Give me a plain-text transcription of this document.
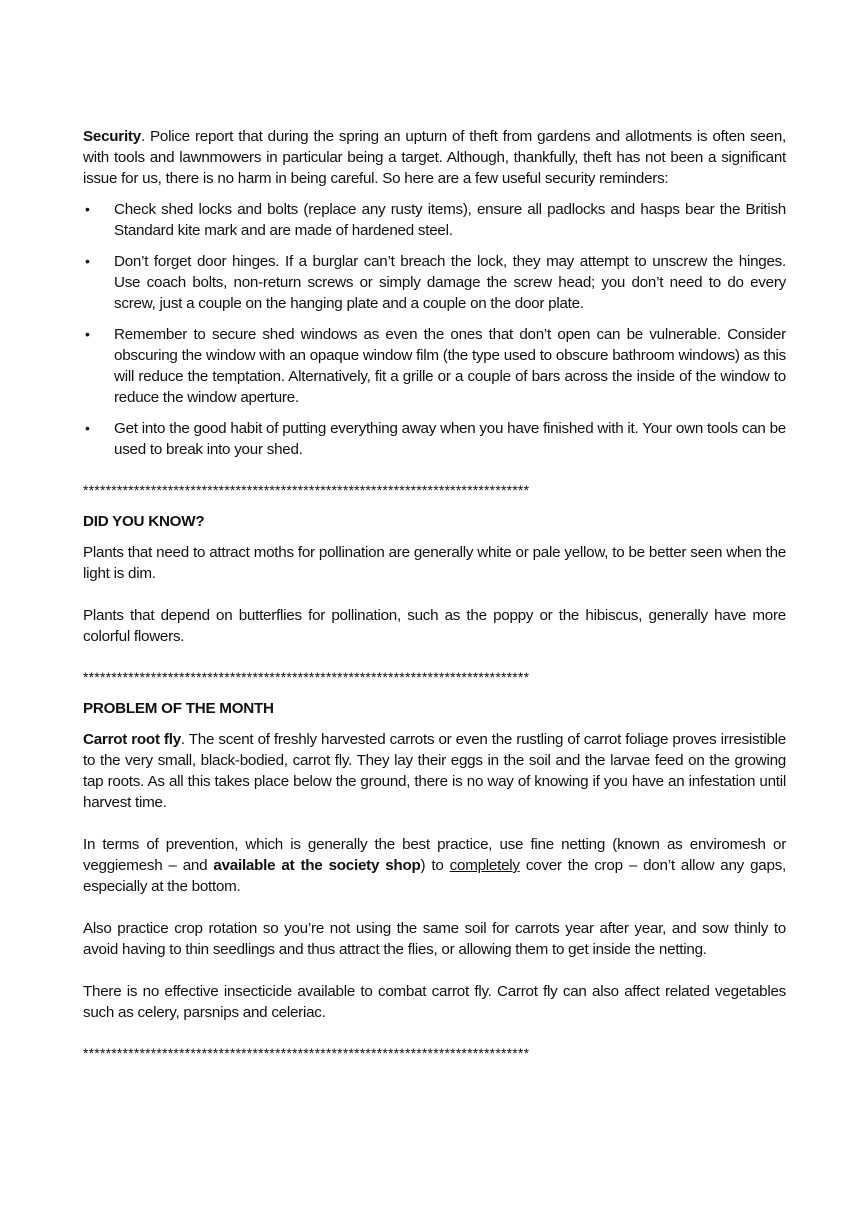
Security. Police report that during the spring an upturn of theft from gardens and allotments is often seen, with tools and lawnmowers in particular being a target. Although, thankfully, theft has not been a significant issue for us, there is no harm in being careful. So here are a few useful security reminders:

• Check shed locks and bolts (replace any rusty items), ensure all padlocks and hasps bear the British Standard kite mark and are made of hardened steel.
• Don’t forget door hinges. If a burglar can’t breach the lock, they may attempt to unscrew the hinges. Use coach bolts, non-return screws or simply damage the screw head; you don’t need to do every screw, just a couple on the hanging plate and a couple on the door plate.
• Remember to secure shed windows as even the ones that don’t open can be vulnerable. Consider obscuring the window with an opaque window film (the type used to obscure bathroom windows) as this will reduce the temptation. Alternatively, fit a grille or a couple of bars across the inside of the window to reduce the window aperture.
• Get into the good habit of putting everything away when you have finished with it. Your own tools can be used to break into your shed.
*******************************************************************************

DID YOU KNOW?

Plants that need to attract moths for pollination are generally white or pale yellow, to be better seen when the light is dim.

Plants that depend on butterflies for pollination, such as the poppy or the hibiscus, generally have more colorful flowers.

*******************************************************************************

PROBLEM OF THE MONTH

Carrot root fly. The scent of freshly harvested carrots or even the rustling of carrot foliage proves irresistible to the very small, black-bodied, carrot fly. They lay their eggs in the soil and the larvae feed on the growing tap roots. As all this takes place below the ground, there is no way of knowing if you have an infestation until harvest time.

In terms of prevention, which is generally the best practice, use fine netting (known as enviromesh or veggiemesh – and available at the society shop) to completely cover the crop – don’t allow any gaps, especially at the bottom.

Also practice crop rotation so you’re not using the same soil for carrots year after year, and sow thinly to avoid having to thin seedlings and thus attract the flies, or allowing them to get inside the netting.

There is no effective insecticide available to combat carrot fly. Carrot fly can also affect related vegetables such as celery, parsnips and celeriac.

*******************************************************************************
